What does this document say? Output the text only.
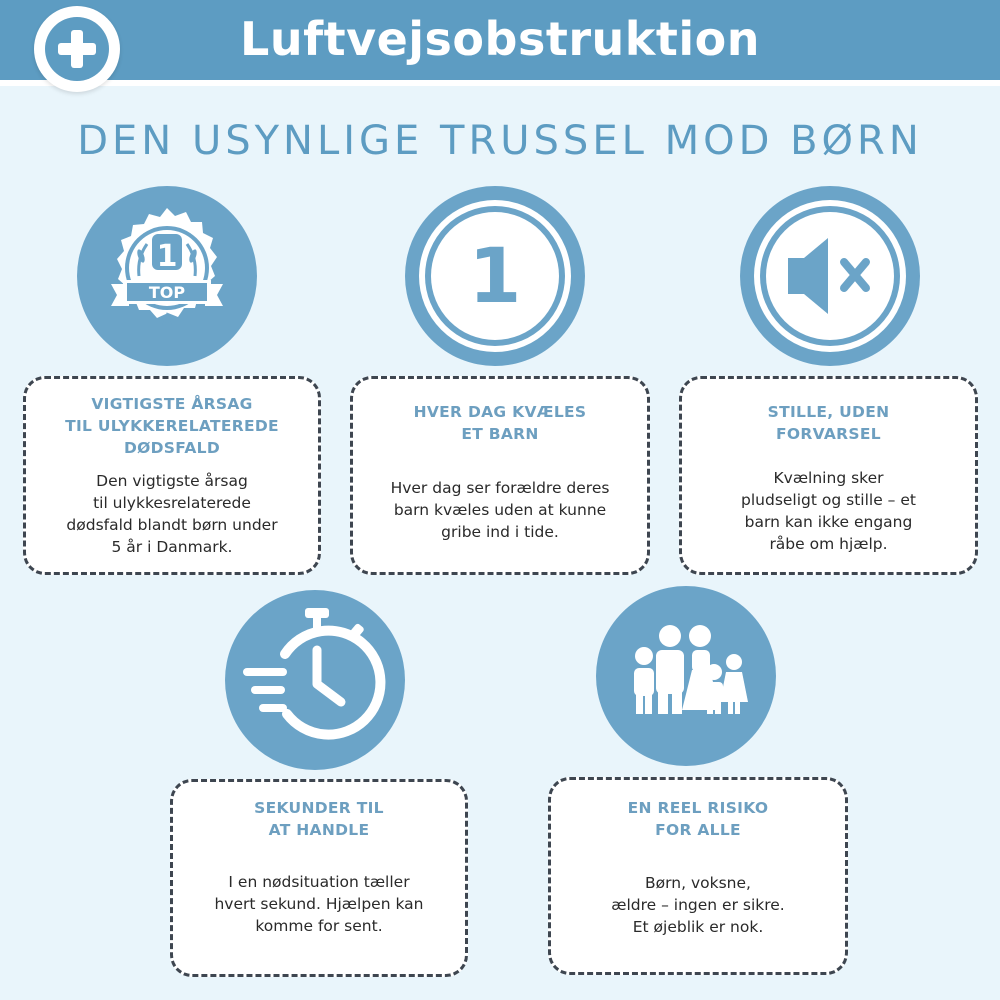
Luftvejsobstruktion
DEN USYNLIGE TRUSSEL MOD BØRN
1
TOP	1
VIGTIGSTE ÅRSAG
TIL ULYKKERELATEREDE
DØDSFALD
Den vigtigste årsag
til ulykkesrelaterede
dødsfald blandt børn under
5 år i Danmark.
HVER DAG KVÆLES
ET BARN
Hver dag ser forældre deres
barn kvæles uden at kunne
gribe ind i tide.
STILLE, UDEN
FORVARSEL
Kvælning sker
pludseligt og stille – et
barn kan ikke engang
råbe om hjælp.
SEKUNDER TIL
AT HANDLE
I en nødsituation tæller
hvert sekund. Hjælpen kan
komme for sent.
EN REEL RISIKO
FOR ALLE
Børn, voksne,
ældre – ingen er sikre.
Et øjeblik er nok.
